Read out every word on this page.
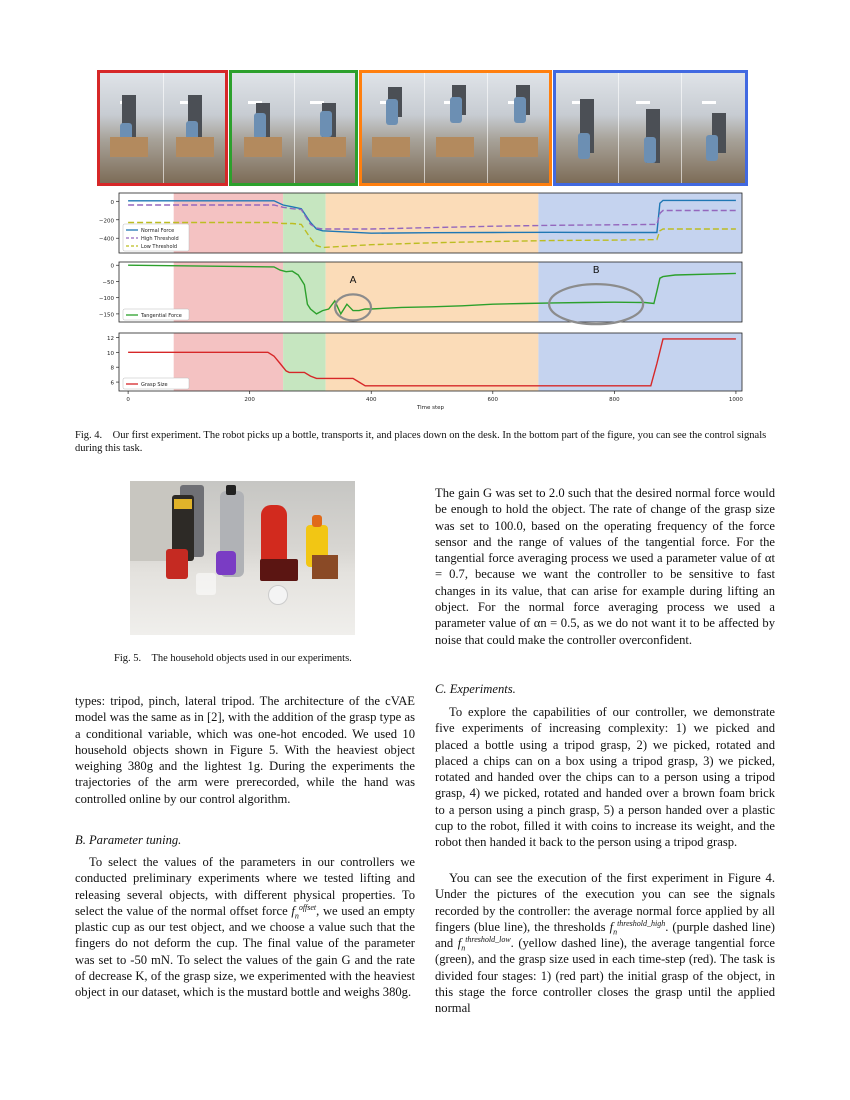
0
−200
−400
Normal Force
High Threshold
Low Threshold
0
−50
−100
−150	Tangential Force
A
B
12
10
8
6	Grasp Size
0	200	400	600	800	1000
Time step
Fig. 4. Our first experiment. The robot picks up a bottle, transports it, and places down on the desk. In the bottom part of the figure, you can see the control signals during this task.
Fig. 5. The household objects used in our experiments.

types: tripod, pinch, lateral tripod. The architecture of the cVAE model was the same as in [2], with the addition of the grasp type as a conditional variable, which was one-hot encoded. We used 10 household objects shown in Figure 5. With the heaviest object weighing 380g and the lightest 1g. During the experiments the trajectories of the arm were prerecorded, while the hand was controlled online by our control algorithm.

B. Parameter tuning.

To select the values of the parameters in our controllers we conducted preliminary experiments where we tested lifting and releasing several objects, with different physical properties. To select the value of the normal offset force $f_n^{offset}$, we used an empty plastic cup as our test object, and we choose a value such that the fingers do not deform the cup. The final value of the parameter was set to -50 mN. To select the values of the gain G and the rate of decrease K, of the grasp size, we experimented with the heaviest object in our dataset, which is the mustard bottle and weighs 380g.

The gain G was set to 2.0 such that the desired normal force would be enough to hold the object. The rate of change of the grasp size was set to 100.0, based on the operating frequency of the force sensor and the range of values of the tangential force. For the tangential force averaging process we used a parameter value of αt = 0.7, because we want the controller to be sensitive to fast changes in its value, that can arise for example during lifting an object. For the normal force averaging process we used a parameter value of αn = 0.5, as we do not want it to be affected by noise that could make the controller overconfident.

C. Experiments.

To explore the capabilities of our controller, we demonstrate five experiments of increasing complexity: 1) we picked and placed a bottle using a tripod grasp, 2) we picked, rotated and placed a chips can on a box using a tripod grasp, 3) we picked, rotated and handed over the chips can to a person using a tripod grasp, 4) we picked, rotated and handed over a brown foam brick to a person using a pinch grasp, 5) a person handed over a plastic cup to the robot, filled it with coins to increase its weight, and the robot then handed it back to the person using a tripod grasp.

You can see the execution of the first experiment in Figure 4. Under the pictures of the execution you can see the signals recorded by the controller: the average normal force applied by all fingers (blue line), the thresholds $f_n^{threshold\_high}$. (purple dashed line) and $f_n^{threshold\_low}$. (yellow dashed line), the average tangential force (green), and the grasp size used in each time-step (red). The task is divided four stages: 1) (red part) the initial grasp of the object, in this stage the force controller closes the grasp until the applied normal
